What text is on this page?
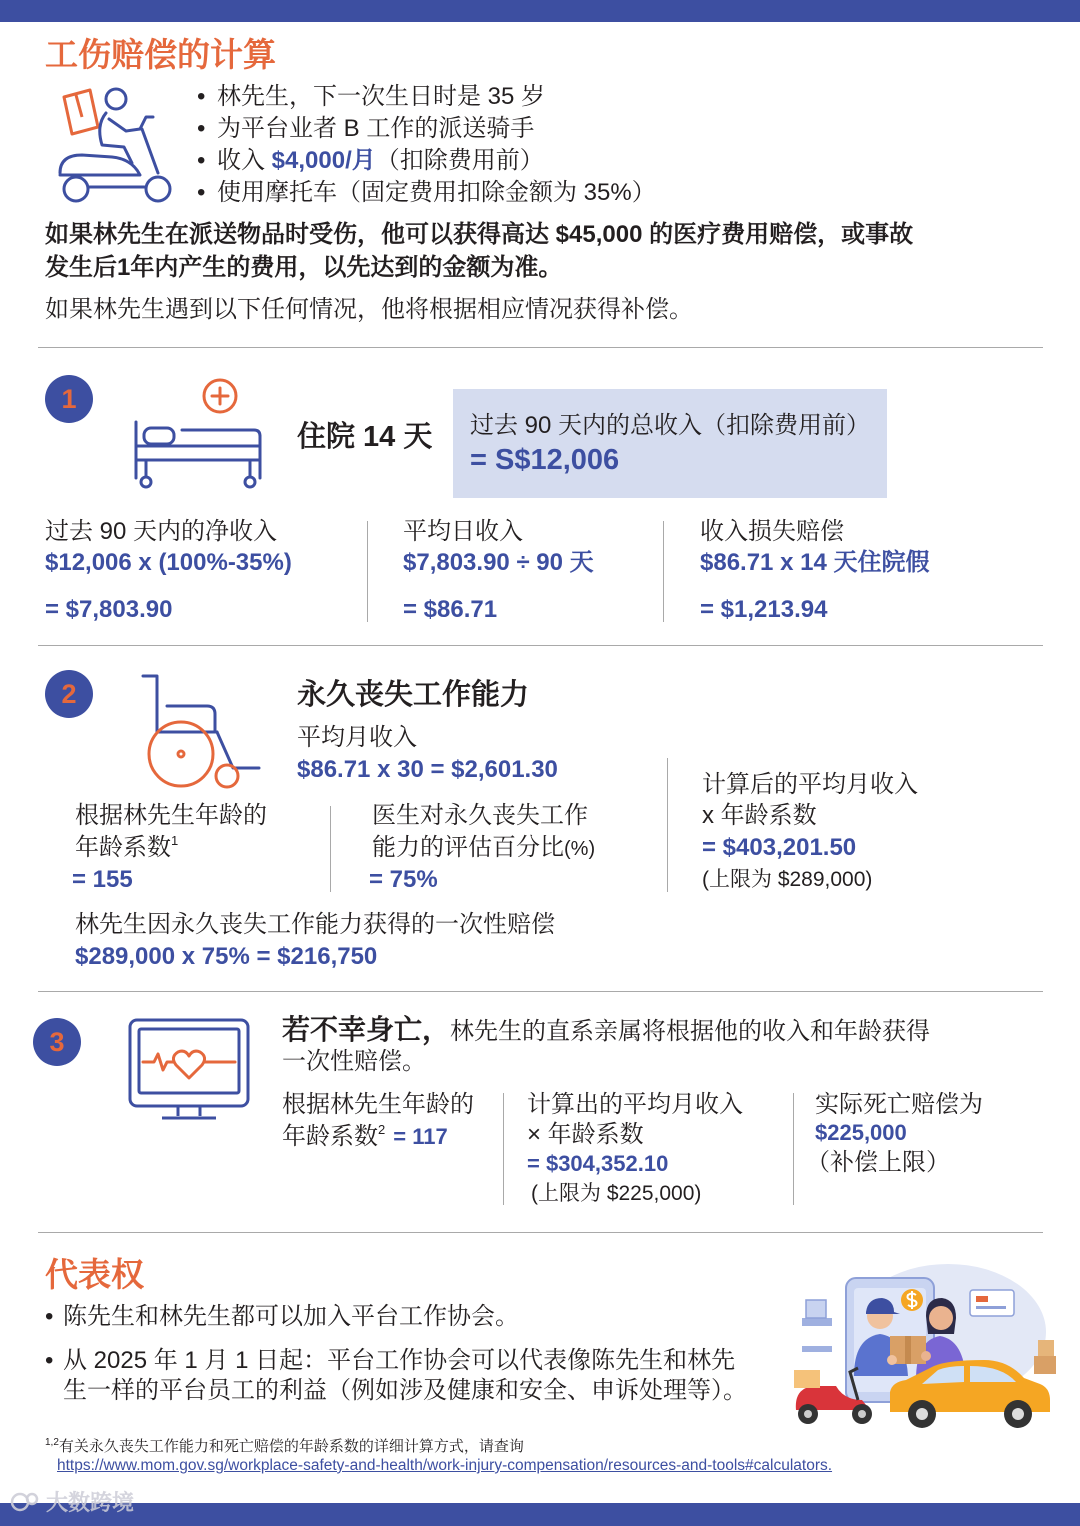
工伤赔偿的计算
• 林先生，下一次生日时是 35 岁
• 为平台业者 B 工作的派送骑手
• 收入 $4,000/月（扣除费用前）
• 使用摩托车（固定费用扣除金额为 35%）
如果林先生在派送物品时受伤，他可以获得高达 $45,000 的医疗费用赔偿，或事故
发生后1年内产生的费用，以先达到的金额为准。
如果林先生遇到以下任何情况，他将根据相应情况获得补偿。
1
住院 14 天 过去 90 天内的总收入（扣除费用前）
= S$12,006
过去 90 天内的净收入
$12,006 x (100%-35%)
= $7,803.90
平均日收入
$7,803.90 ÷ 90 天
= $86.71
收入损失赔偿
$86.71 x 14 天住院假
= $1,213.94
2	永久丧失工作能力
平均月收入
$86.71 x 30 = $2,601.30
根据林先生年龄的
年龄系数$^1$
= 155
医生对永久丧失工作
能力的评估百分比(%)
= 75%
计算后的平均月收入
x 年龄系数
= $403,201.50
(上限为 $289,000)
林先生因永久丧失工作能力获得的一次性赔偿
$289,000 x 75% = $216,750
3	若不幸身亡，林先生的直系亲属将根据他的收入和年龄获得
一次性赔偿。
根据林先生年龄的
年龄系数$^2$ = 117
计算出的平均月收入
× 年龄系数
= $304,352.10
(上限为 $225,000)
实际死亡赔偿为
$225,000
（补偿上限）
代表权
• 陈先生和林先生都可以加入平台工作协会。
• 从 2025 年 1 月 1 日起：平台工作协会可以代表像陈先生和林先
生一样的平台员工的利益（例如涉及健康和安全、申诉处理等）。
$^{1,2}$有关永久丧失工作能力和死亡赔偿的年龄系数的详细计算方式，请查询
https://www.mom.gov.sg/workplace-safety-and-health/work-injury-compensation/resources-and-tools#calculators.
大数跨境
